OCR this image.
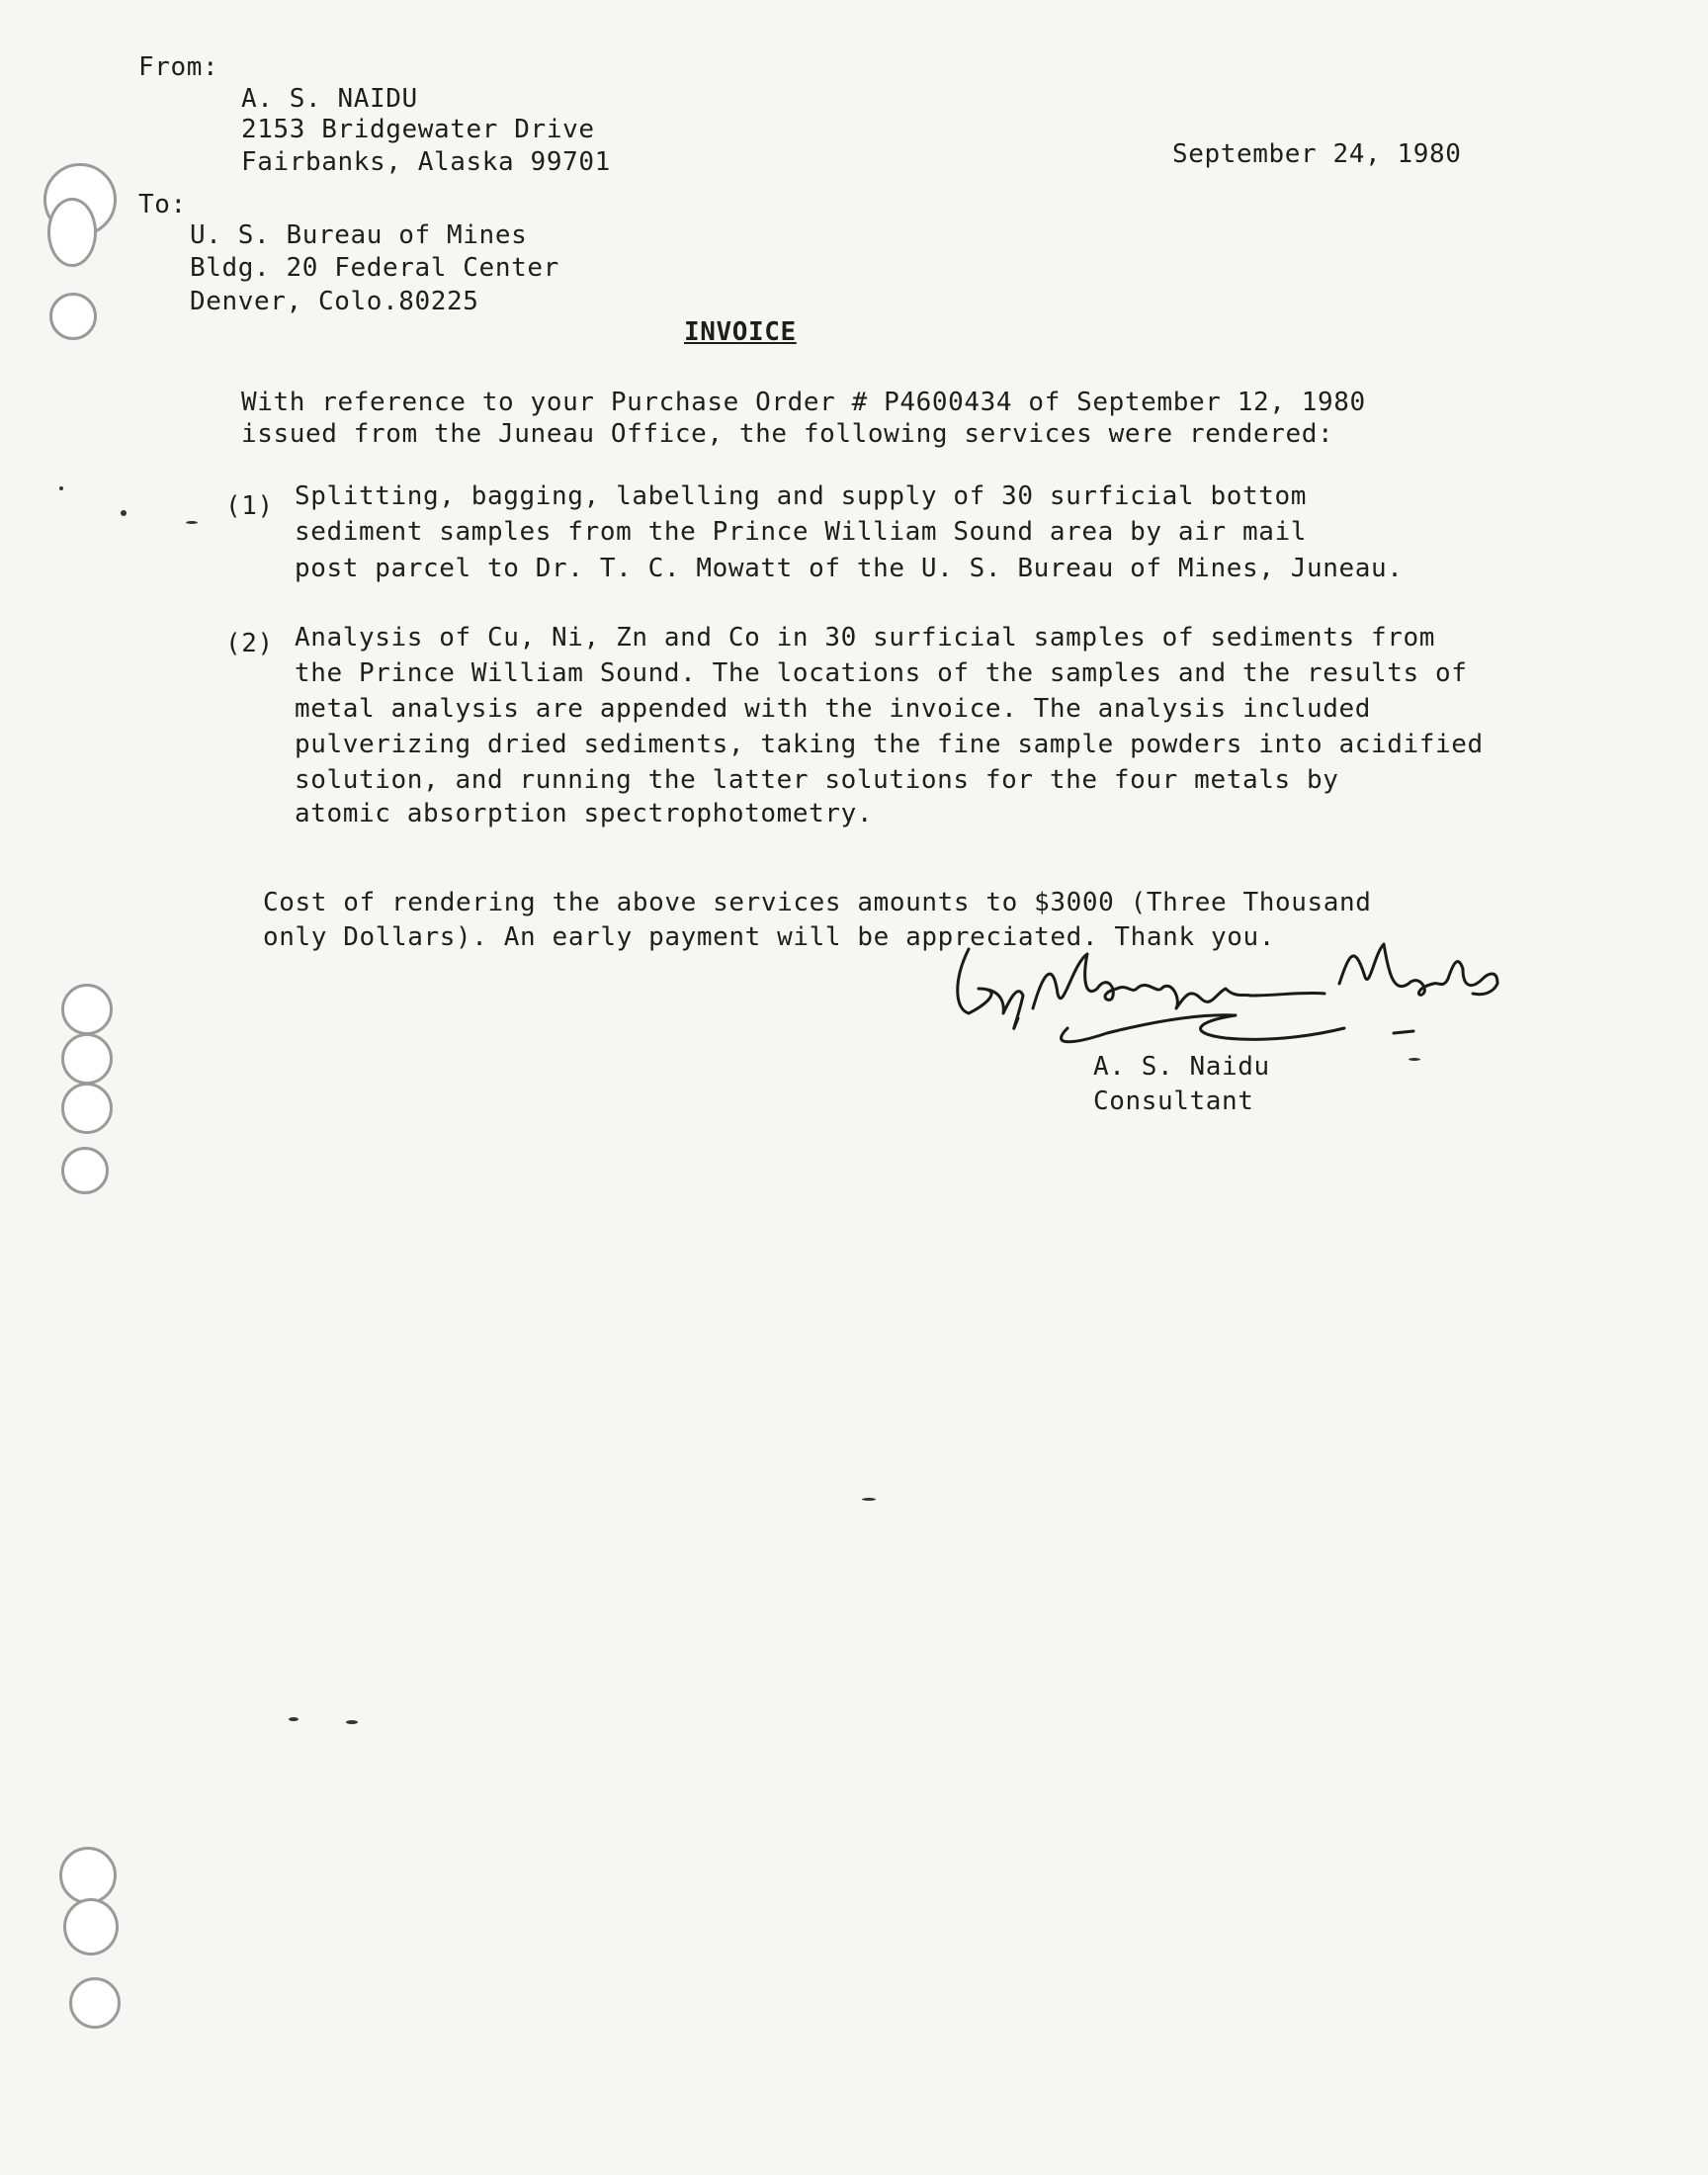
From:
A. S. NAIDU
2153 Bridgewater Drive
Fairbanks, Alaska 99701	September 24, 1980
To:
U. S. Bureau of Mines
Bldg. 20 Federal Center
Denver, Colo.80225
INVOICE
With reference to your Purchase Order # P4600434 of September 12, 1980
issued from the Juneau Office, the following services were rendered:
(1) Splitting, bagging, labelling and supply of 30 surficial bottom
sediment samples from the Prince William Sound area by air mail
post parcel to Dr. T. C. Mowatt of the U. S. Bureau of Mines, Juneau.
(2) Analysis of Cu, Ni, Zn and Co in 30 surficial samples of sediments from
the Prince William Sound. The locations of the samples and the results of
metal analysis are appended with the invoice. The analysis included
pulverizing dried sediments, taking the fine sample powders into acidified
solution, and running the latter solutions for the four metals by
atomic absorption spectrophotometry.
Cost of rendering the above services amounts to $3000 (Three Thousand
only Dollars). An early payment will be appreciated. Thank you.
A. S. Naidu
Consultant
